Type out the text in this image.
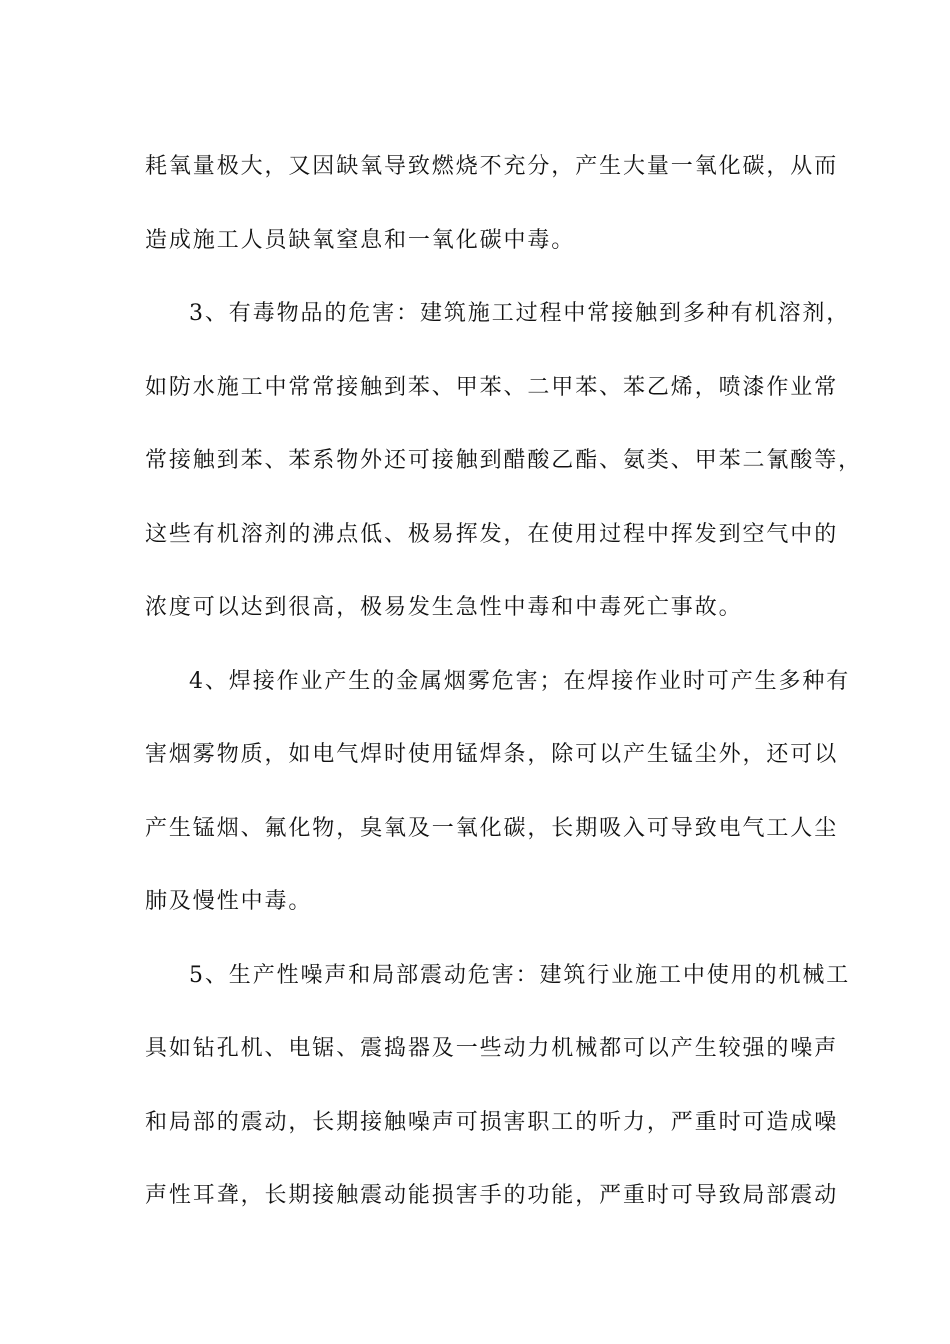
耗氧量极大，又因缺氧导致燃烧不充分，产生大量一氧化碳，从而
造成施工人员缺氧窒息和一氧化碳中毒。
3、有毒物品的危害：建筑施工过程中常接触到多种有机溶剂，
如防水施工中常常接触到苯、甲苯、二甲苯、苯乙烯，喷漆作业常
常接触到苯、苯系物外还可接触到醋酸乙酯、氨类、甲苯二氰酸等，
这些有机溶剂的沸点低、极易挥发，在使用过程中挥发到空气中的
浓度可以达到很高，极易发生急性中毒和中毒死亡事故。
4、焊接作业产生的金属烟雾危害；在焊接作业时可产生多种有
害烟雾物质，如电气焊时使用锰焊条，除可以产生锰尘外，还可以
产生锰烟、氟化物，臭氧及一氧化碳，长期吸入可导致电气工人尘
肺及慢性中毒。
5、生产性噪声和局部震动危害：建筑行业施工中使用的机械工
具如钻孔机、电锯、震捣器及一些动力机械都可以产生较强的噪声
和局部的震动，长期接触噪声可损害职工的听力，严重时可造成噪
声性耳聋，长期接触震动能损害手的功能，严重时可导致局部震动
